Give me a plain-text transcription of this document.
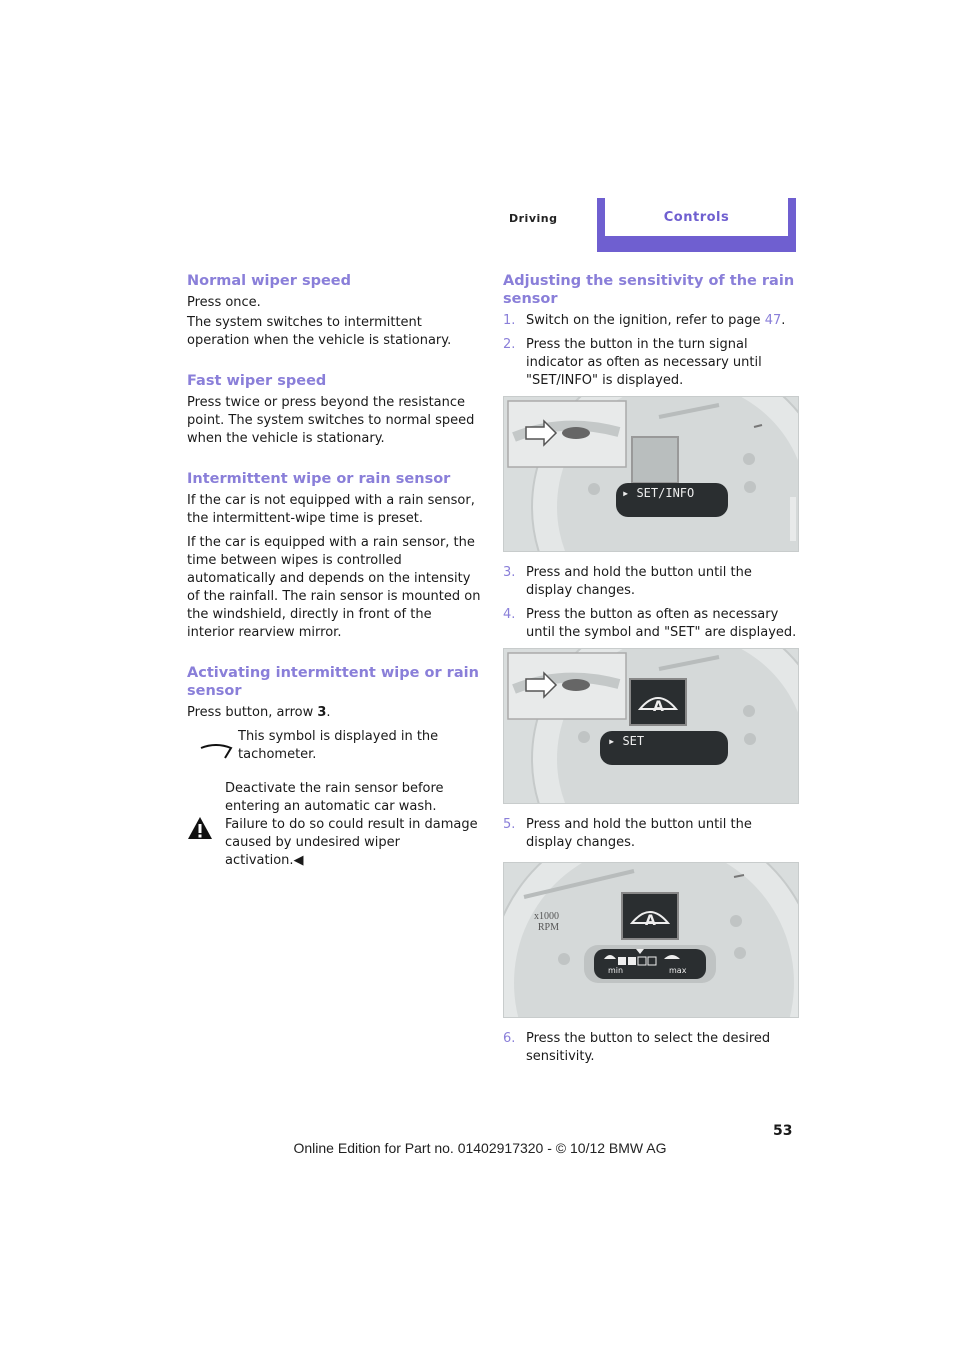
Driving	Controls
Normal wiper speed

Press once.

The system switches to intermittent operation when the vehicle is stationary.

Fast wiper speed

Press twice or press beyond the resistance point. The system switches to normal speed when the vehicle is stationary.

Intermittent wipe or rain sensor

If the car is not equipped with a rain sensor, the intermittent-wipe time is preset.

If the car is equipped with a rain sensor, the time between wipes is controlled automatically and depends on the intensity of the rainfall. The rain sensor is mounted on the windshield, directly in front of the interior rearview mirror.

Activating intermittent wipe or rain sensor

Press button, arrow 3.

This symbol is displayed in the tachometer.
Deactivate the rain sensor before entering an automatic car wash. Failure to do so could result in damage caused by undesired wiper activation.◀
Adjusting the sensitivity of the rain sensor
1. Switch on the ignition, refer to page 47.
2. Press the button in the turn signal indicator as often as necessary until "SET/INFO" is displayed.
▸ SET/INFO
3. Press and hold the button until the display changes.
4. Press the button as often as necessary until the symbol and "SET" are displayed.
A
▸ SET
5. Press and hold the button until the display changes.
A
x1000
RPM
min	max
6. Press the button to select the desired sensitivity.
53
Online Edition for Part no. 01402917320 - © 10/12 BMW AG
